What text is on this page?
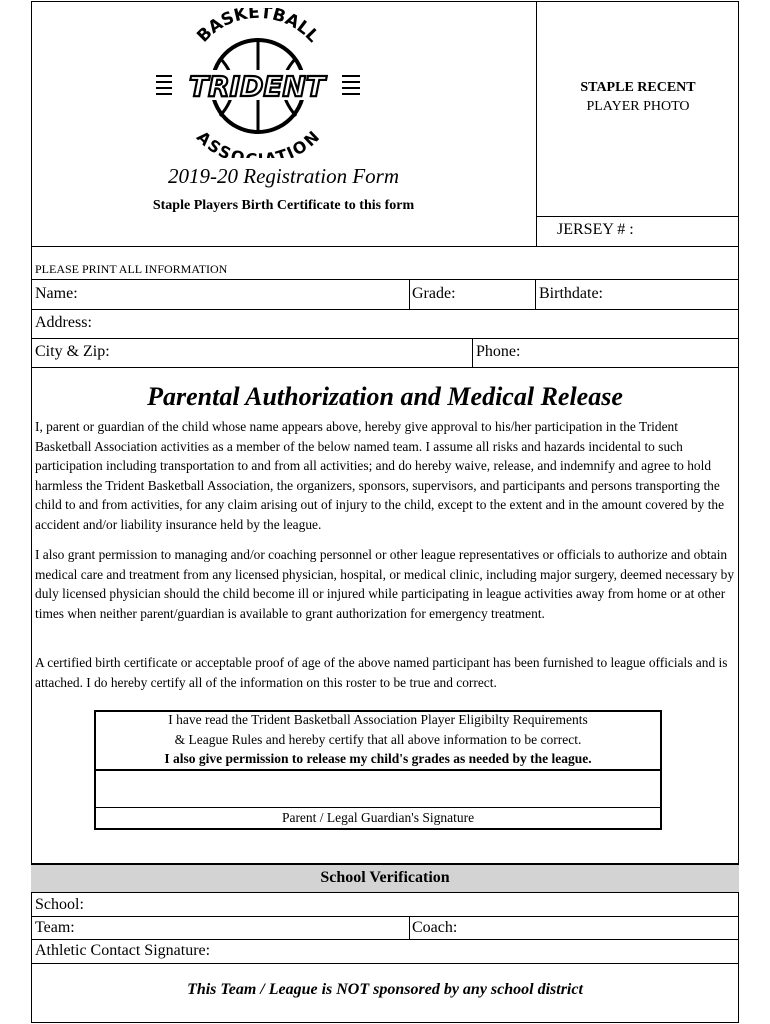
TRIDENT
BASKETBALL
ASSO TION
2019-20 Registration Form
Staple Players Birth Certificate to this form
STAPLE RECENT
PLAYER PHOTO
JERSEY # :
PLEASE PRINT ALL INFORMATION
Name:	Grade:	Birthdate:
Address:
City & Zip:	Phone:
Parental Authorization and Medical Release
I, parent or guardian of the child whose name appears above, hereby give approval to his/her participation in the Trident Basketball Association activities as a member of the below named team. I assume all risks and hazards incidental to such participation including transportation to and from all activities; and do hereby waive, release, and indemnify and agree to hold harmless the Trident Basketball Association, the organizers, sponsors, supervisors, and participants and persons transporting the child to and from activities, for any claim arising out of injury to the child, except to the extent and in the amount covered by the accident and/or liability insurance held by the league.
I also grant permission to managing and/or coaching personnel or other league representatives or officials to authorize and obtain medical care and treatment from any licensed physician, hospital, or medical clinic, including major surgery, deemed necessary by duly licensed physician should the child become ill or injured while participating in league activities away from home or at other times when neither parent/guardian is available to grant authorization for emergency treatment.
A certified birth certificate or acceptable proof of age of the above named participant has been furnished to league officials and is attached. I do hereby certify all of the information on this roster to be true and correct.
I have read the Trident Basketball Association Player Eligibilty Requirements
& League Rules and hereby certify that all above information to be correct.
I also give permission to release my child's grades as needed by the league.
Parent / Legal Guardian's Signature
School Verification
School:
Team:	Coach:
Athletic Contact Signature:
This Team / League is NOT sponsored by any school district
